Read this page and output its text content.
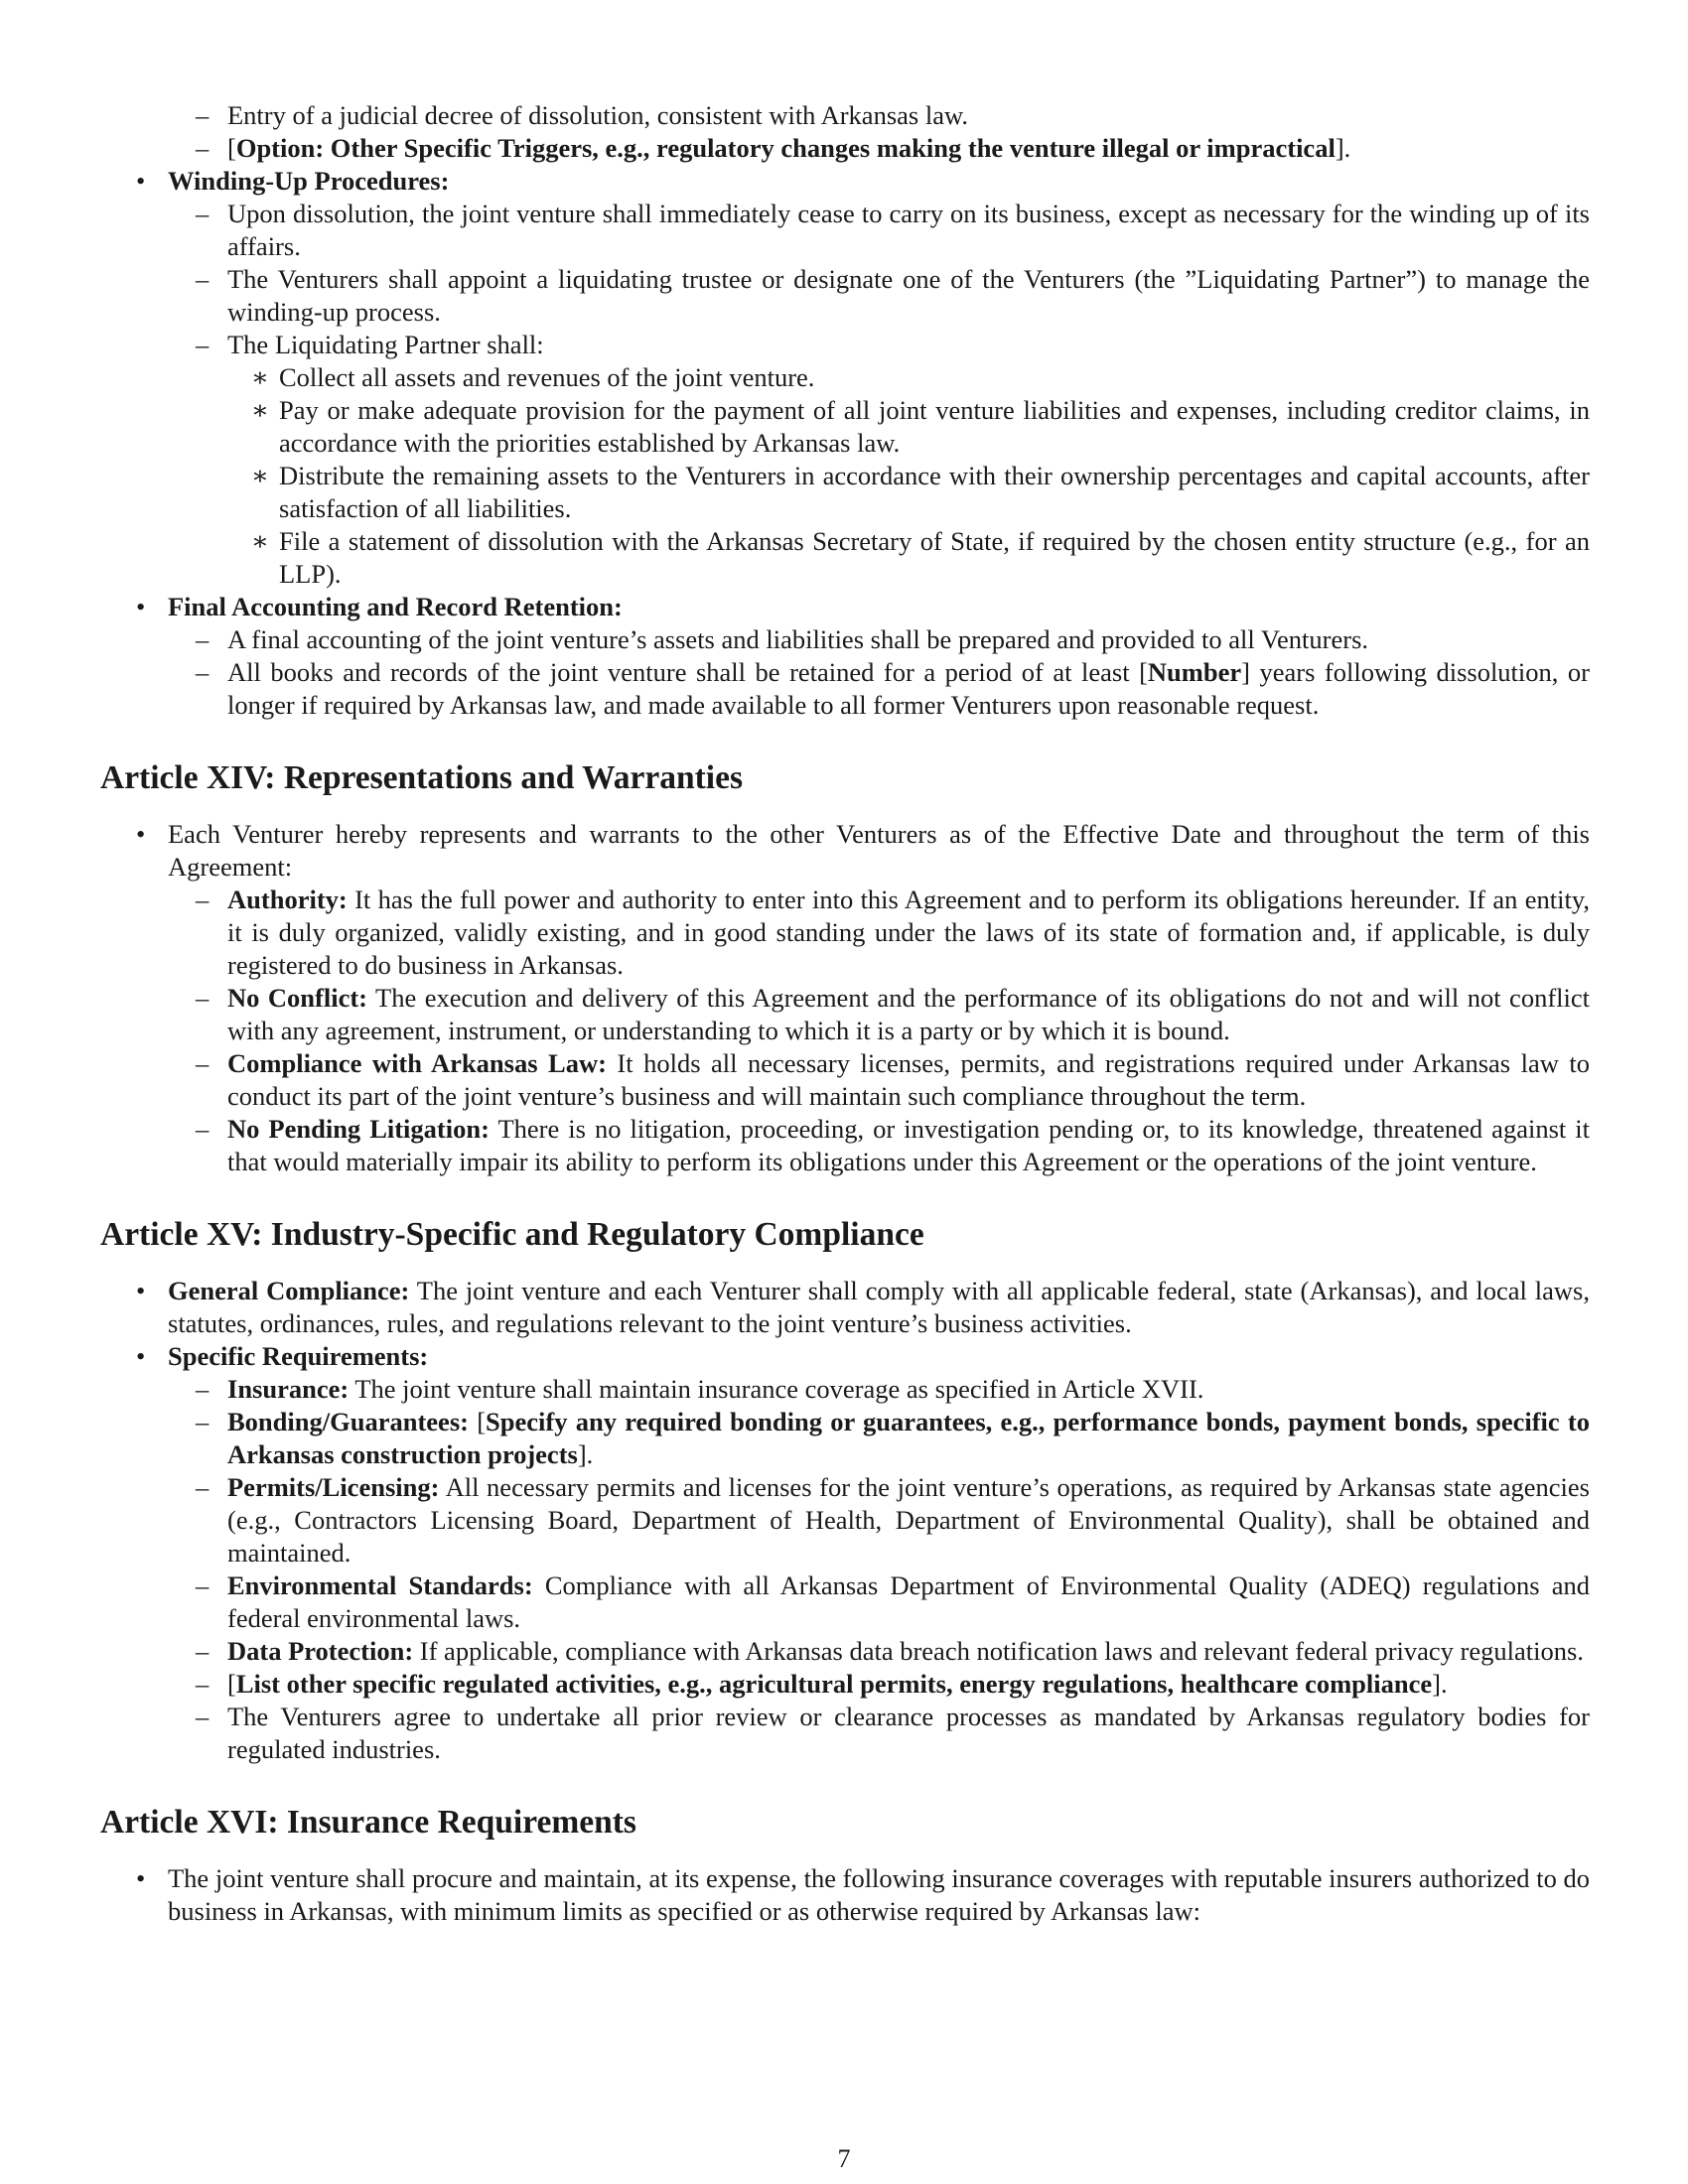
– Entry of a judicial decree of dissolution, consistent with Arkansas law.
– [Option: Other Specific Triggers, e.g., regulatory changes making the venture illegal or impractical].
• Winding-Up Procedures:
– Upon dissolution, the joint venture shall immediately cease to carry on its business, except as necessary for the winding up of its affairs.
– The Venturers shall appoint a liquidating trustee or designate one of the Venturers (the ”Liquidating Partner”) to manage the winding-up process.
– The Liquidating Partner shall:
∗ Collect all assets and revenues of the joint venture.
∗ Pay or make adequate provision for the payment of all joint venture liabilities and expenses, including creditor claims, in accordance with the priorities established by Arkansas law.
∗ Distribute the remaining assets to the Venturers in accordance with their ownership percentages and capital accounts, after satisfaction of all liabilities.
∗ File a statement of dissolution with the Arkansas Secretary of State, if required by the chosen entity structure (e.g., for an LLP).
• Final Accounting and Record Retention:
– A final accounting of the joint venture’s assets and liabilities shall be prepared and provided to all Venturers.
– All books and records of the joint venture shall be retained for a period of at least [Number] years following dissolution, or longer if required by Arkansas law, and made available to all former Venturers upon reasonable request.
Article XIV: Representations and Warranties
• Each Venturer hereby represents and warrants to the other Venturers as of the Effective Date and throughout the term of this Agreement:
– Authority: It has the full power and authority to enter into this Agreement and to perform its obligations hereunder. If an entity, it is duly organized, validly existing, and in good standing under the laws of its state of formation and, if applicable, is duly registered to do business in Arkansas.
– No Conflict: The execution and delivery of this Agreement and the performance of its obligations do not and will not conflict with any agreement, instrument, or understanding to which it is a party or by which it is bound.
– Compliance with Arkansas Law: It holds all necessary licenses, permits, and registrations required under Arkansas law to conduct its part of the joint venture’s business and will maintain such compliance throughout the term.
– No Pending Litigation: There is no litigation, proceeding, or investigation pending or, to its knowledge, threatened against it that would materially impair its ability to perform its obligations under this Agreement or the operations of the joint venture.
Article XV: Industry-Specific and Regulatory Compliance
• General Compliance: The joint venture and each Venturer shall comply with all applicable federal, state (Arkansas), and local laws, statutes, ordinances, rules, and regulations relevant to the joint venture’s business activities.
• Specific Requirements:
– Insurance: The joint venture shall maintain insurance coverage as specified in Article XVII.
– Bonding/Guarantees: [Specify any required bonding or guarantees, e.g., performance bonds, payment bonds, specific to Arkansas construction projects].
– Permits/Licensing: All necessary permits and licenses for the joint venture’s operations, as required by Arkansas state agencies (e.g., Contractors Licensing Board, Department of Health, Department of Environmental Quality), shall be obtained and maintained.
– Environmental Standards: Compliance with all Arkansas Department of Environmental Quality (ADEQ) regulations and federal environmental laws.
– Data Protection: If applicable, compliance with Arkansas data breach notification laws and relevant federal privacy regulations.
– [List other specific regulated activities, e.g., agricultural permits, energy regulations, healthcare compliance].
– The Venturers agree to undertake all prior review or clearance processes as mandated by Arkansas regulatory bodies for regulated industries.
Article XVI: Insurance Requirements
• The joint venture shall procure and maintain, at its expense, the following insurance coverages with reputable insurers authorized to do business in Arkansas, with minimum limits as specified or as otherwise required by Arkansas law:
7
